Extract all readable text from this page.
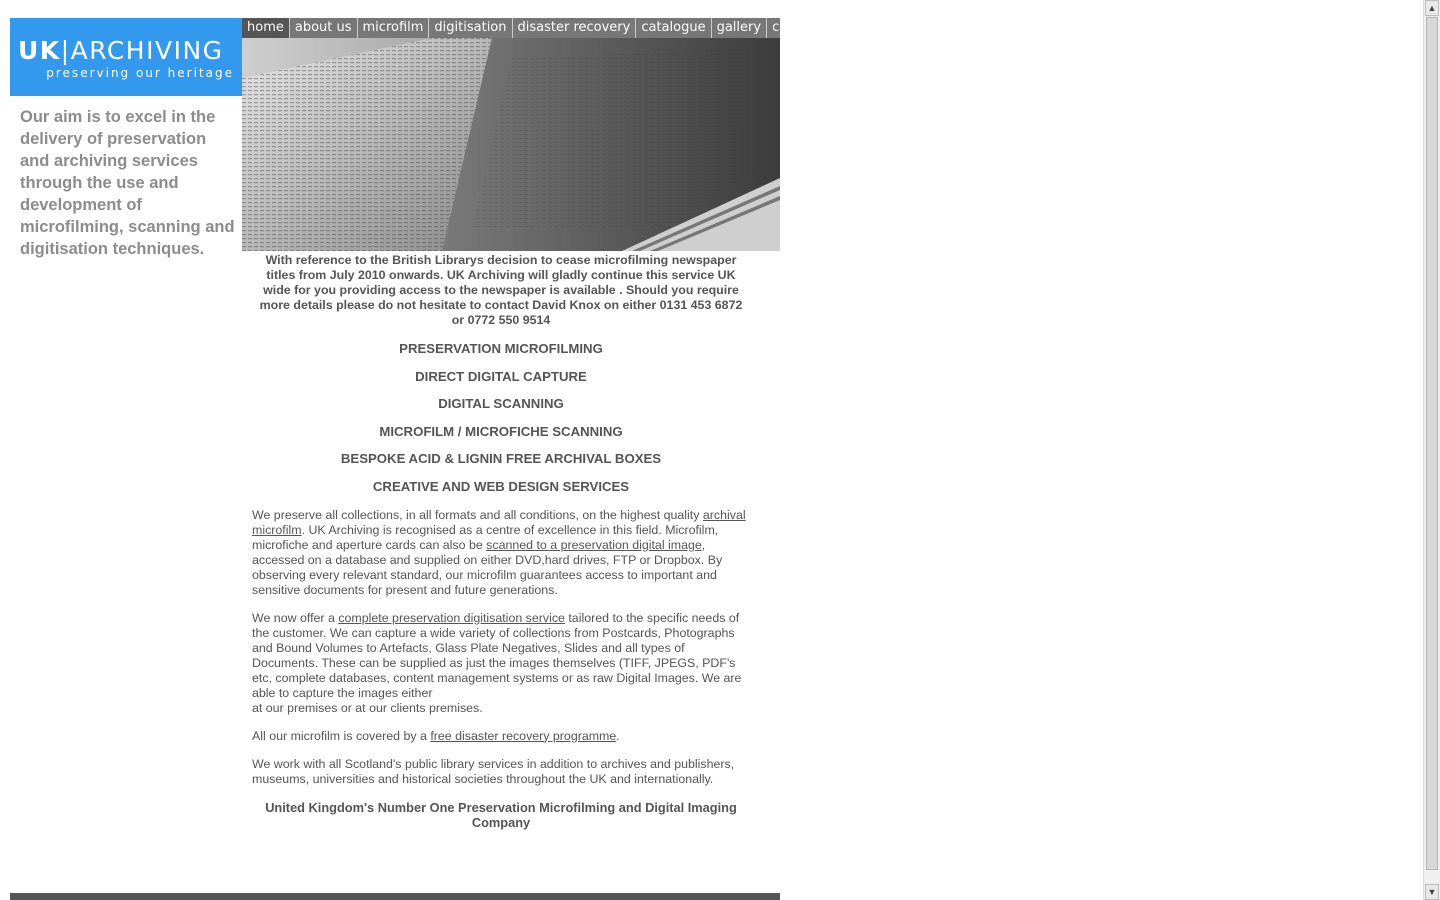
UK|ARCHIVING
preserving our heritage
Our aim is to excel in the delivery of preservation and archiving services through the use and development of microfilming, scanning and digitisation techniques.
home about us microfilm digitisation disaster recovery catalogue gallery contact us

With reference to the British Librarys decision to cease microfilming newspaper titles from July 2010 onwards. UK Archiving will gladly continue this service UK wide for you providing access to the newspaper is available . Should you require more details please do not hesitate to contact David Knox on either 0131 453 6872 or 0772 550 9514

PRESERVATION MICROFILMING
DIRECT DIGITAL CAPTURE
DIGITAL SCANNING
MICROFILM / MICROFICHE SCANNING
BESPOKE ACID & LIGNIN FREE ARCHIVAL BOXES
CREATIVE AND WEB DESIGN SERVICES

We preserve all collections, in all formats and all conditions, on the highest quality archival microfilm. UK Archiving is recognised as a centre of excellence in this field. Microfilm, microfiche and aperture cards can also be scanned to a preservation digital image, accessed on a database and supplied on either DVD,hard drives, FTP or Dropbox. By observing every relevant standard, our microfilm guarantees access to important and sensitive documents for present and future generations.

We now offer a complete preservation digitisation service tailored to the specific needs of the customer. We can capture a wide variety of collections from Postcards, Photographs and Bound Volumes to Artefacts, Glass Plate Negatives, Slides and all types of Documents. These can be supplied as just the images themselves (TIFF, JPEGS, PDF's etc, complete databases, content management systems or as raw Digital Images. We are able to capture the images either
at our premises or at our clients premises.

All our microfilm is covered by a free disaster recovery programme.

We work with all Scotland's public library services in addition to archives and publishers, museums, universities and historical societies throughout the UK and internationally.

United Kingdom's Number One Preservation Microfilming and Digital Imaging Company

▲
▼
